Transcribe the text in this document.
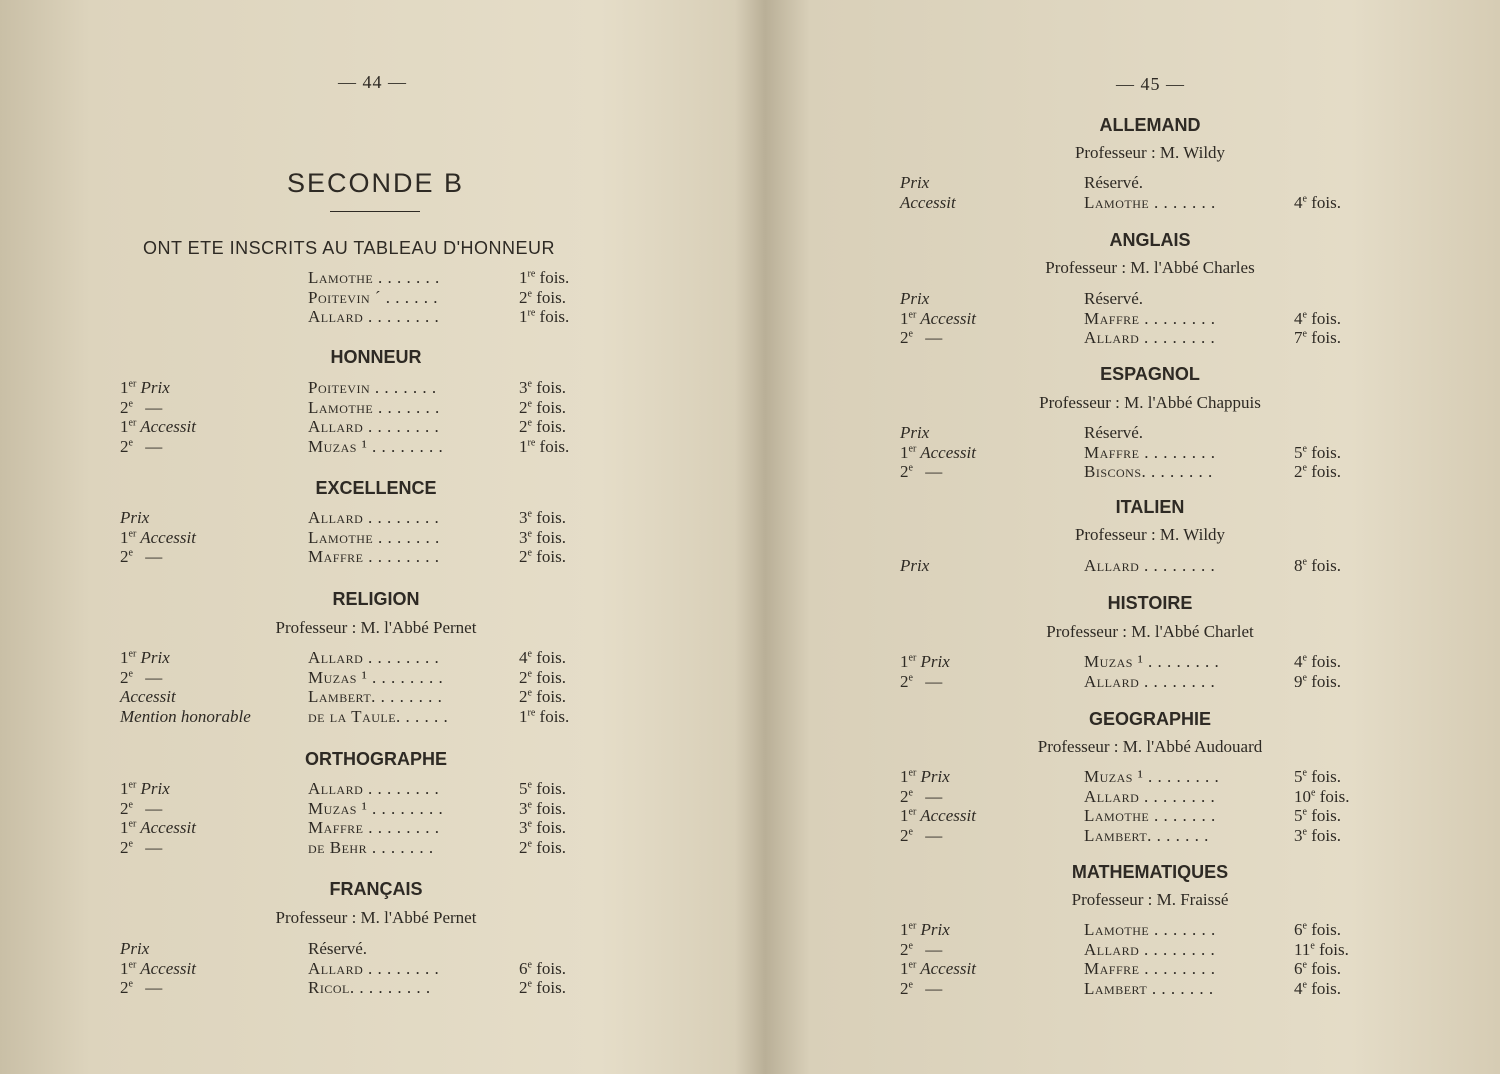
— 44 —
SECONDE B
ONT ETE INSCRITS AU TABLEAU D'HONNEUR
Lamothe . . . . . . .	1re fois.
Poitevin ˊ . . . . . .	2e fois.
Allard . . . . . . . .	1re fois.
HONNEUR
1er Prix	Poitevin . . . . . . .	3e fois.
2e —	Lamothe . . . . . . .	2e fois.
1er Accessit	Allard . . . . . . . .	2e fois.
2e —	Muzas ¹ . . . . . . . .	1re fois.
EXCELLENCE
Prix	Allard . . . . . . . .	3e fois.
1er Accessit	Lamothe . . . . . . .	3e fois.
2e —	Maffre . . . . . . . .	2e fois.
RELIGION
Professeur : M. l'Abbé Pernet
1er Prix	Allard . . . . . . . .	4e fois.
2e —	Muzas ¹ . . . . . . . .	2e fois.
Accessit	Lambert. . . . . . . .	2e fois.
Mention honorable	de la Taule. . . . . .	1re fois.
ORTHOGRAPHE
1er Prix	Allard . . . . . . . .	5e fois.
2e —	Muzas ¹ . . . . . . . .	3e fois.
1er Accessit	Maffre . . . . . . . .	3e fois.
2e —	de Behr . . . . . . .	2e fois.
FRANÇAIS
Professeur : M. l'Abbé Pernet
Prix	Réservé.
1er Accessit	Allard . . . . . . . .	6e fois.
2e —	Ricol. . . . . . . . .	2e fois.
— 45 —
ALLEMAND
Professeur : M. Wildy
Prix	Réservé.
Accessit	Lamothe . . . . . . .	4e fois.
ANGLAIS
Professeur : M. l'Abbé Charles
Prix	Réservé.
1er Accessit	Maffre . . . . . . . .	4e fois.
2e —	Allard . . . . . . . .	7e fois.
ESPAGNOL
Professeur : M. l'Abbé Chappuis
Prix	Réservé.
1er Accessit	Maffre . . . . . . . .	5e fois.
2e —	Biscons. . . . . . . .	2e fois.
ITALIEN
Professeur : M. Wildy
Prix	Allard . . . . . . . .	8e fois.
HISTOIRE
Professeur : M. l'Abbé Charlet
1er Prix	Muzas ¹ . . . . . . . .	4e fois.
2e —	Allard . . . . . . . .	9e fois.
GEOGRAPHIE
Professeur : M. l'Abbé Audouard
1er Prix	Muzas ¹ . . . . . . . .	5e fois.
2e —	Allard . . . . . . . .	10e fois.
1er Accessit	Lamothe . . . . . . .	5e fois.
2e —	Lambert. . . . . . .	3e fois.
MATHEMATIQUES
Professeur : M. Fraissé
1er Prix	Lamothe . . . . . . .	6e fois.
2e —	Allard . . . . . . . .	11e fois.
1er Accessit	Maffre . . . . . . . .	6e fois.
2e —	Lambert . . . . . . .	4e fois.
